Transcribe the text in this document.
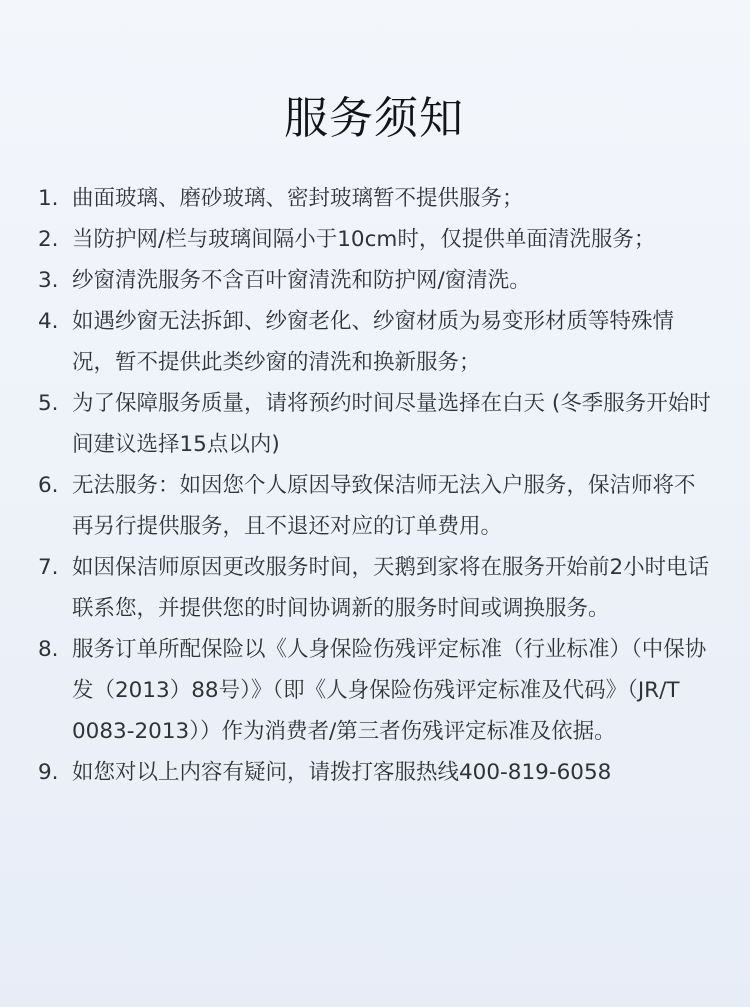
服务须知
1. 曲面玻璃、磨砂玻璃、密封玻璃暂不提供服务；
2. 当防护网/栏与玻璃间隔小于10cm时，仅提供单面清洗服务；
3. 纱窗清洗服务不含百叶窗清洗和防护网/窗清洗。
4. 如遇纱窗无法拆卸、纱窗老化、纱窗材质为易变形材质等特殊情况，暂不提供此类纱窗的清洗和换新服务；
5. 为了保障服务质量，请将预约时间尽量选择在白天 (冬季服务开始时间建议选择15点以内)
6. 无法服务：如因您个人原因导致保洁师无法入户服务，保洁师将不再另行提供服务，且不退还对应的订单费用。
7. 如因保洁师原因更改服务时间，天鹅到家将在服务开始前2小时电话联系您，并提供您的时间协调新的服务时间或调换服务。
8. 服务订单所配保险以《人身保险伤残评定标准（行业标准）（中保协发（2013）88号）》（即《人身保险伤残评定标准及代码》（JR/T 0083-2013））作为消费者/第三者伤残评定标准及依据。
9. 如您对以上内容有疑问，请拨打客服热线400-819-6058
